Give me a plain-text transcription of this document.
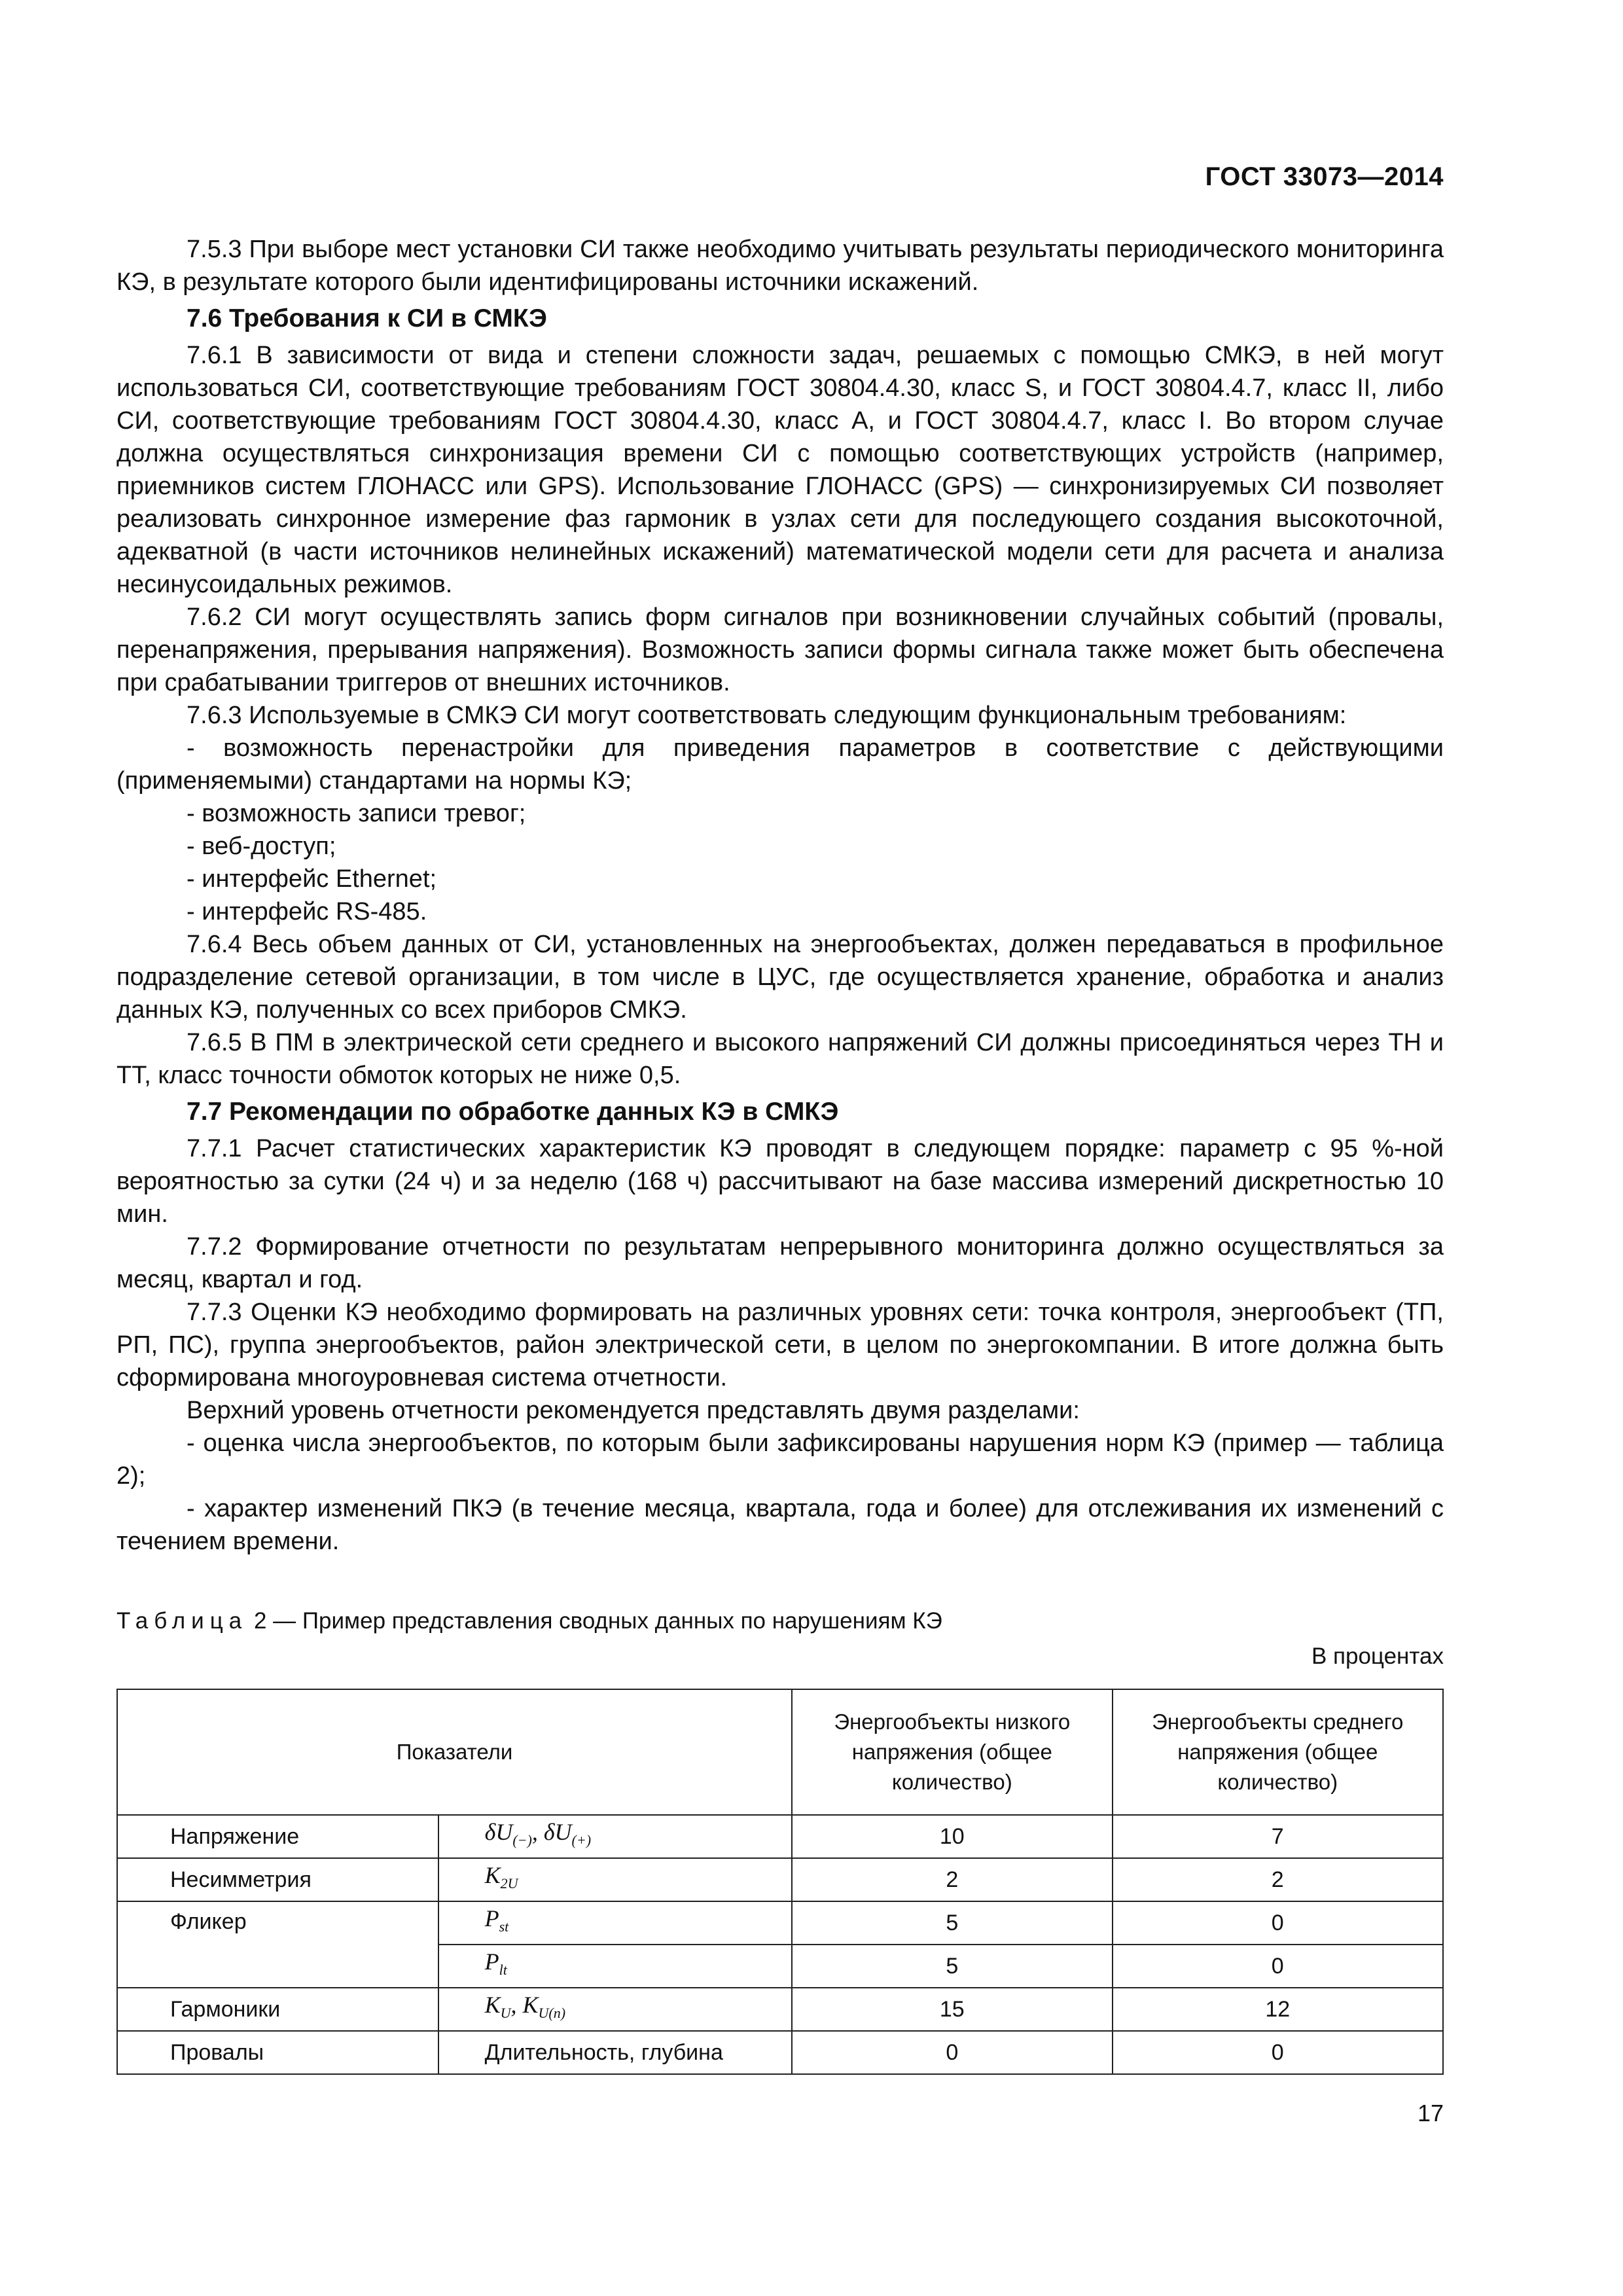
ГОСТ 33073—2014

7.5.3 При выборе мест установки СИ также необходимо учитывать результаты периодического мониторинга КЭ, в результате которого были идентифицированы источники искажений.

7.6 Требования к СИ в СМКЭ

7.6.1 В зависимости от вида и степени сложности задач, решаемых с помощью СМКЭ, в ней могут использоваться СИ, соответствующие требованиям ГОСТ 30804.4.30, класс S, и ГОСТ 30804.4.7, класс II, либо СИ, соответствующие требованиям ГОСТ 30804.4.30, класс A, и ГОСТ 30804.4.7, класс I. Во втором случае должна осуществляться синхронизация времени СИ с помощью соответствующих устройств (например, приемников систем ГЛОНАСС или GPS). Использование ГЛОНАСС (GPS) — синхронизируемых СИ позволяет реализовать синхронное измерение фаз гармоник в узлах сети для последующего создания высокоточной, адекватной (в части источников нелинейных искажений) математической модели сети для расчета и анализа несинусоидальных режимов.

7.6.2 СИ могут осуществлять запись форм сигналов при возникновении случайных событий (провалы, перенапряжения, прерывания напряжения). Возможность записи формы сигнала также может быть обеспечена при срабатывании триггеров от внешних источников.

7.6.3 Используемые в СМКЭ СИ могут соответствовать следующим функциональным требованиям:

- возможность перенастройки для приведения параметров в соответствие с действующими (применяемыми) стандартами на нормы КЭ;

- возможность записи тревог;

- веб-доступ;

- интерфейс Ethernet;

- интерфейс RS-485.

7.6.4 Весь объем данных от СИ, установленных на энергообъектах, должен передаваться в профильное подразделение сетевой организации, в том числе в ЦУС, где осуществляется хранение, обработка и анализ данных КЭ, полученных со всех приборов СМКЭ.

7.6.5 В ПМ в электрической сети среднего и высокого напряжений СИ должны присоединяться через ТН и ТТ, класс точности обмоток которых не ниже 0,5.

7.7 Рекомендации по обработке данных КЭ в СМКЭ

7.7.1 Расчет статистических характеристик КЭ проводят в следующем порядке: параметр с 95 %-ной вероятностью за сутки (24 ч) и за неделю (168 ч) рассчитывают на базе массива измерений дискретностью 10 мин.

7.7.2 Формирование отчетности по результатам непрерывного мониторинга должно осуществляться за месяц, квартал и год.

7.7.3 Оценки КЭ необходимо формировать на различных уровнях сети: точка контроля, энергообъект (ТП, РП, ПС), группа энергообъектов, район электрической сети, в целом по энергокомпании. В итоге должна быть сформирована многоуровневая система отчетности.

Верхний уровень отчетности рекомендуется представлять двумя разделами:

- оценка числа энергообъектов, по которым были зафиксированы нарушения норм КЭ (пример — таблица 2);

- характер изменений ПКЭ (в течение месяца, квартала, года и более) для отслеживания их изменений с течением времени.

Таблица 2 — Пример представления сводных данных по нарушениям КЭ
В процентах
Показатели		Энергообъекты низкого напряжения (общее количество)	Энергообъекты среднего напряжения (общее количество)
Напряжение	$\delta U_{(-)}$, $\delta U_{(+)}$	10	7
Несимметрия	$K_{2U}$	2	2
Фликер	$P_{st}$	5	0
	$P_{lt}$	5	0
Гармоники	$K_U$, $K_{U(n)}$	15	12
Провалы	Длительность, глубина	0	0
17
